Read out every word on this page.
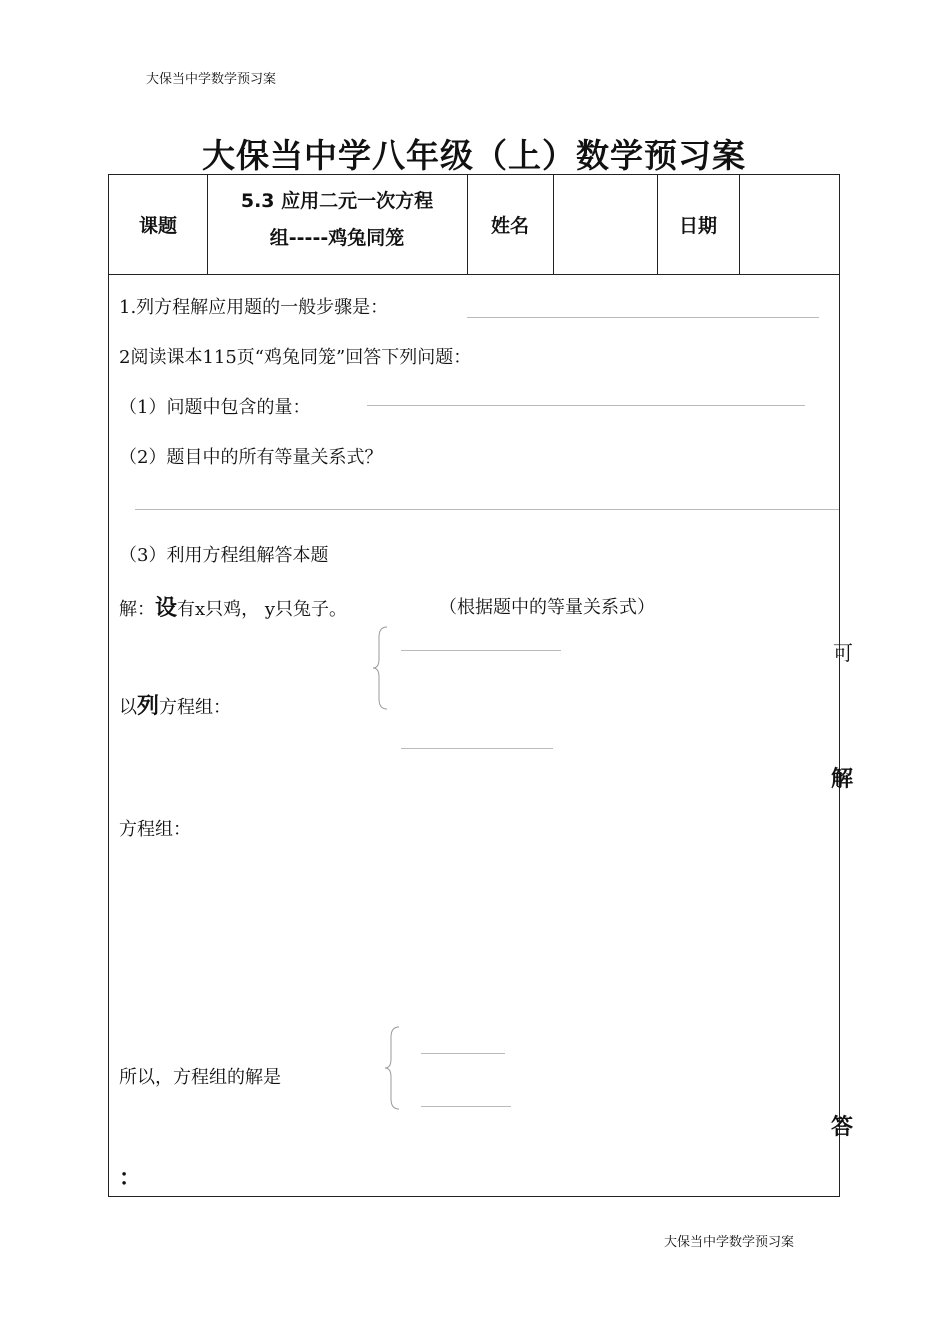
大保当中学数学预习案
大保当中学八年级（上）数学预习案
课题
5.3 应用二元一次方程
组-----鸡兔同笼
姓名	日期
1.列方程解应用题的一般步骤是：
2阅读课本115页“鸡兔同笼”回答下列问题：
（1）问题中包含的量：
（2）题目中的所有等量关系式？
（3）利用方程组解答本题
解：设有x只鸡， y只兔子。	（根据题中的等量关系式）
以列方程组：
方程组：
所以，方程组的解是
：
可
解
答
大保当中学数学预习案
